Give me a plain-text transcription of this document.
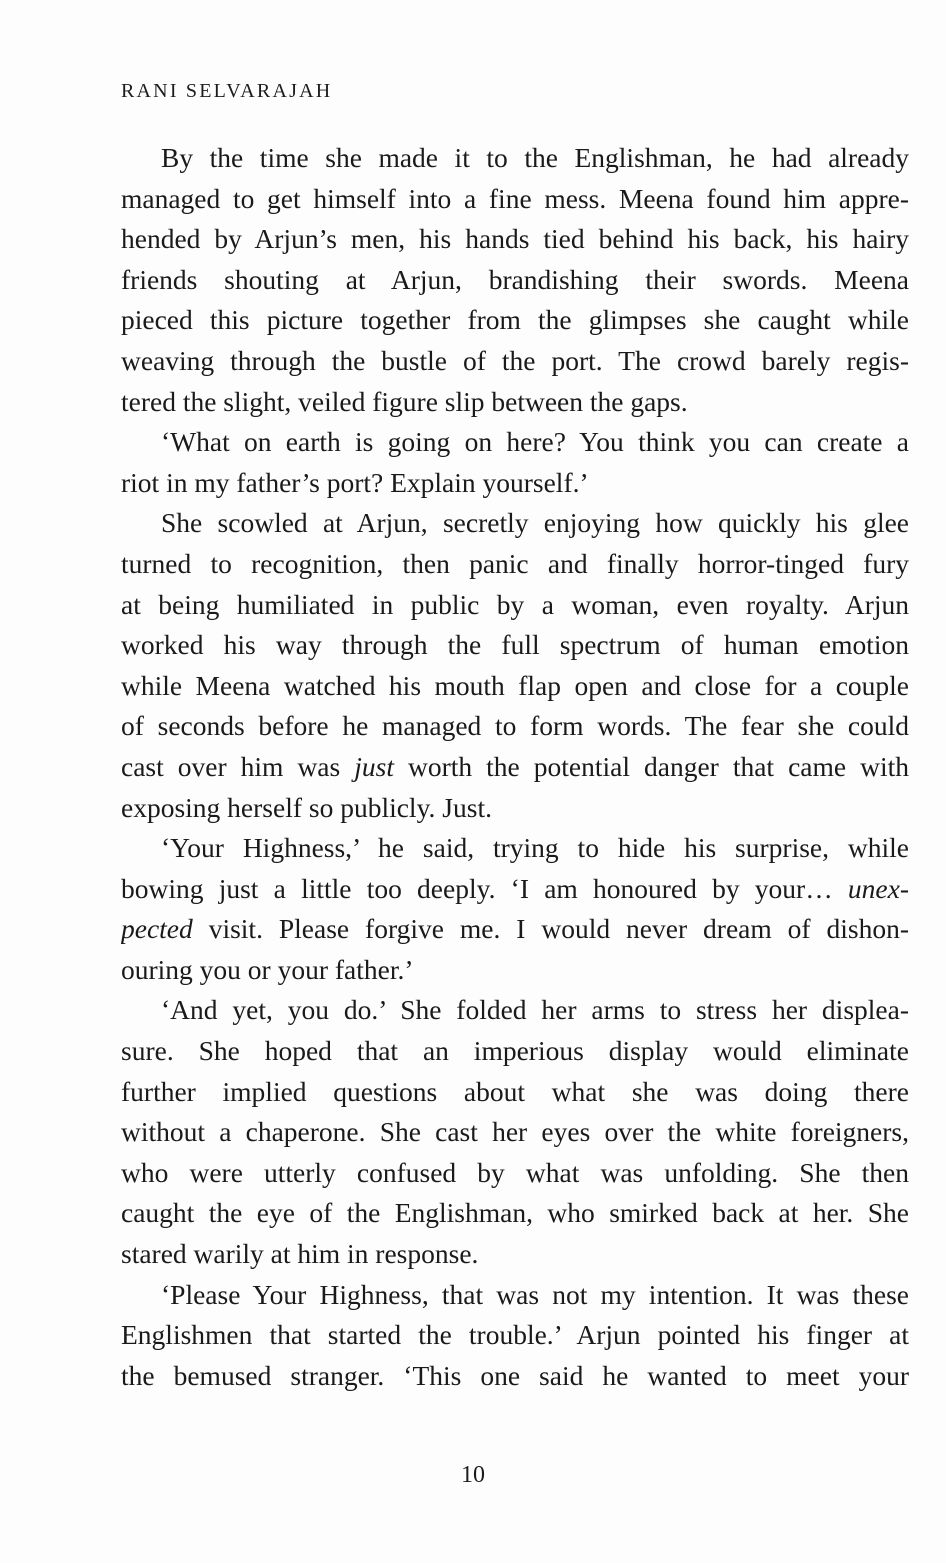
RANI SELVARAJAH
By the time she made it to the Englishman, he had already
managed to get himself into a fine mess. Meena found him appre-
hended by Arjun’s men, his hands tied behind his back, his hairy
friends shouting at Arjun, brandishing their swords. Meena
pieced this picture together from the glimpses she caught while
weaving through the bustle of the port. The crowd barely regis-
tered the slight, veiled figure slip between the gaps.
‘What on earth is going on here? You think you can create a
riot in my father’s port? Explain yourself.’
She scowled at Arjun, secretly enjoying how quickly his glee
turned to recognition, then panic and finally horror-tinged fury
at being humiliated in public by a woman, even royalty. Arjun
worked his way through the full spectrum of human emotion
while Meena watched his mouth flap open and close for a couple
of seconds before he managed to form words. The fear she could
cast over him was just worth the potential danger that came with
exposing herself so publicly. Just.
‘Your Highness,’ he said, trying to hide his surprise, while
bowing just a little too deeply. ‘I am honoured by your… unex-
pected visit. Please forgive me. I would never dream of dishon-
ouring you or your father.’
‘And yet, you do.’ She folded her arms to stress her displea-
sure. She hoped that an imperious display would eliminate
further implied questions about what she was doing there
without a chaperone. She cast her eyes over the white foreigners,
who were utterly confused by what was unfolding. She then
caught the eye of the Englishman, who smirked back at her. She
stared warily at him in response.
‘Please Your Highness, that was not my intention. It was these
Englishmen that started the trouble.’ Arjun pointed his finger at
the bemused stranger. ‘This one said he wanted to meet your
10
